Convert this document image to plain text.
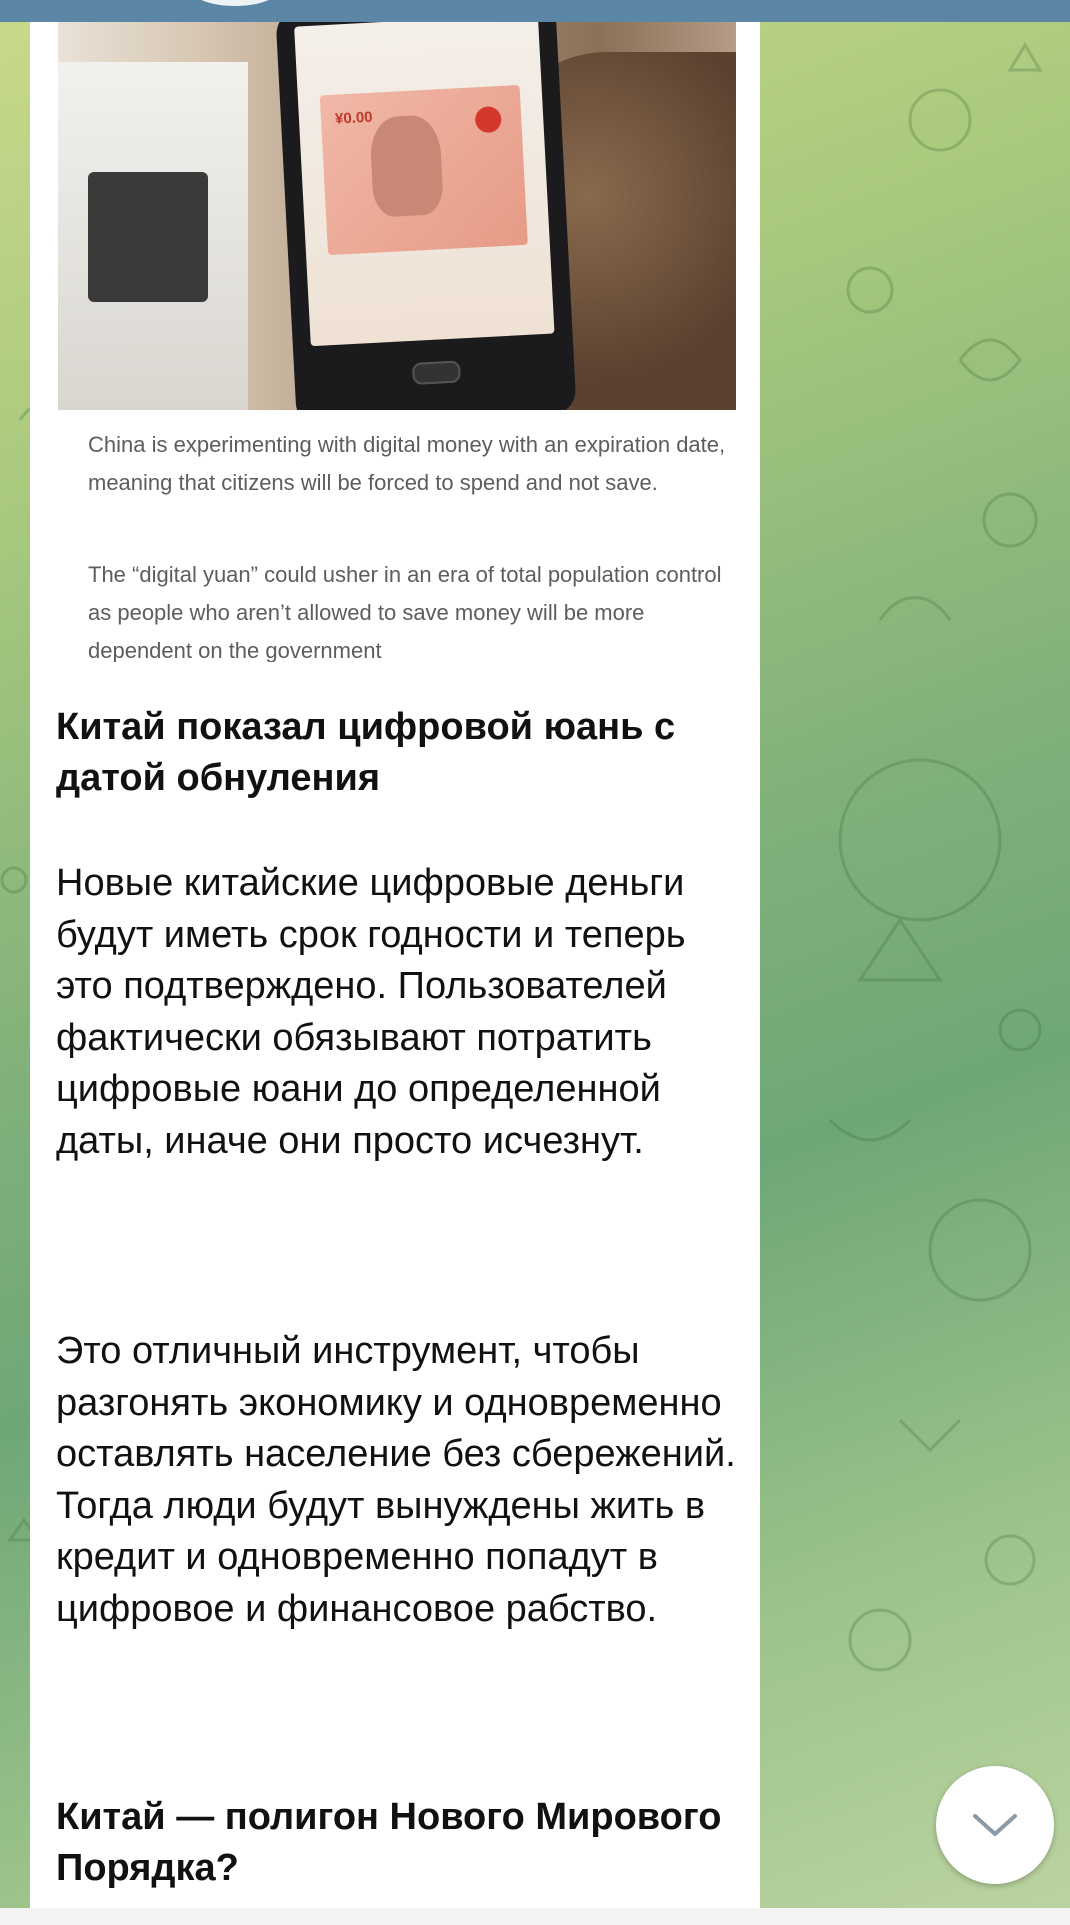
¥0.00
China is experimenting with digital money with an expiration date, meaning that citizens will be forced to spend and not save.
The “digital yuan” could usher in an era of total population control as people who aren’t allowed to save money will be more dependent on the government
Китай показал цифровой юань с датой обнуления
Новые китайские цифровые деньги будут иметь срок годности и теперь это подтверждено. Пользователей фактически обязывают потратить цифровые юани до определенной даты, иначе они просто исчезнут.
Это отличный инструмент, чтобы разгонять экономику и одновременно оставлять население без сбережений. Тогда люди будут вынуждены жить в кредит и одновременно попадут в цифровое и финансовое рабство.
Китай — полигон Нового Мирового Порядка?
